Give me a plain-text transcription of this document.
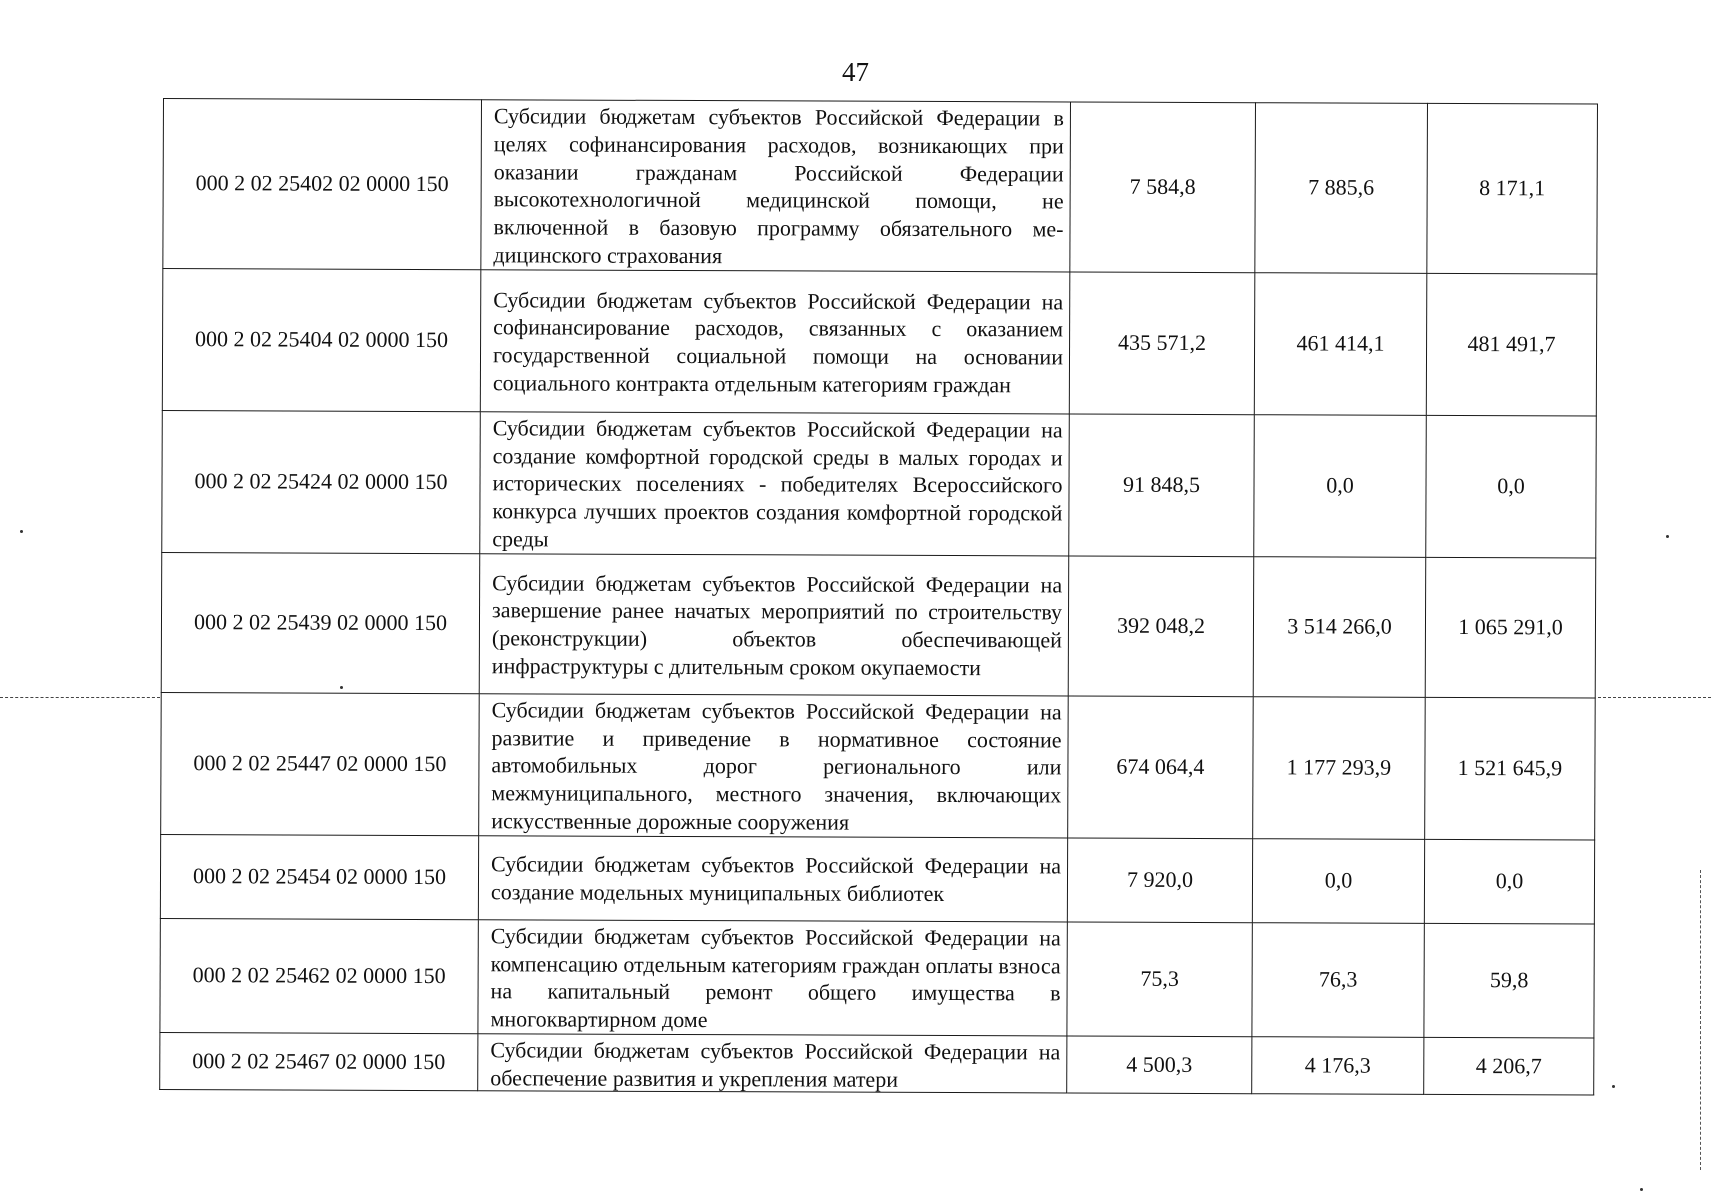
47
000 2 02 25402 02 0000 150	Субсидии бюджетам субъектов Российской Федерации в целях софинансирования расходов, возникающих при оказании гражданам Российской Федерации высокотехнологичной медицинской помощи, не включенной в базовую программу обязательного медицинского страхования	7 584,8	7 885,6	8 171,1
000 2 02 25404 02 0000 150	Субсидии бюджетам субъектов Российской Федерации на софинансирование расходов, связанных с оказанием государственной социальной помощи на основании социального контракта отдельным категориям граждан	435 571,2	461 414,1	481 491,7
000 2 02 25424 02 0000 150	Субсидии бюджетам субъектов Российской Федерации на создание комфортной городской среды в малых городах и исторических поселениях - победителях Всероссийского конкурса лучших проектов создания комфортной городской среды	91 848,5	0,0	0,0
000 2 02 25439 02 0000 150	Субсидии бюджетам субъектов Российской Федерации на завершение ранее начатых мероприятий по строительству (реконструкции) объектов обеспечивающей инфраструктуры с длительным сроком окупаемости	392 048,2	3 514 266,0	1 065 291,0
000 2 02 25447 02 0000 150	Субсидии бюджетам субъектов Российской Федерации на развитие и приведение в нормативное состояние автомобильных дорог регионального или межмуниципального, местного значения, включающих искусственные дорожные сооружения	674 064,4	1 177 293,9	1 521 645,9
000 2 02 25454 02 0000 150	Субсидии бюджетам субъектов Российской Федерации на создание модельных муниципальных библиотек	7 920,0	0,0	0,0
000 2 02 25462 02 0000 150	Субсидии бюджетам субъектов Российской Федерации на компенсацию отдельным категориям граждан оплаты взноса на капитальный ремонт общего имущества в многоквартирном доме	75,3	76,3	59,8
000 2 02 25467 02 0000 150	Субсидии бюджетам субъектов Российской Федерации на обеспечение развития и укрепления матери	4 500,3	4 176,3	4 206,7
